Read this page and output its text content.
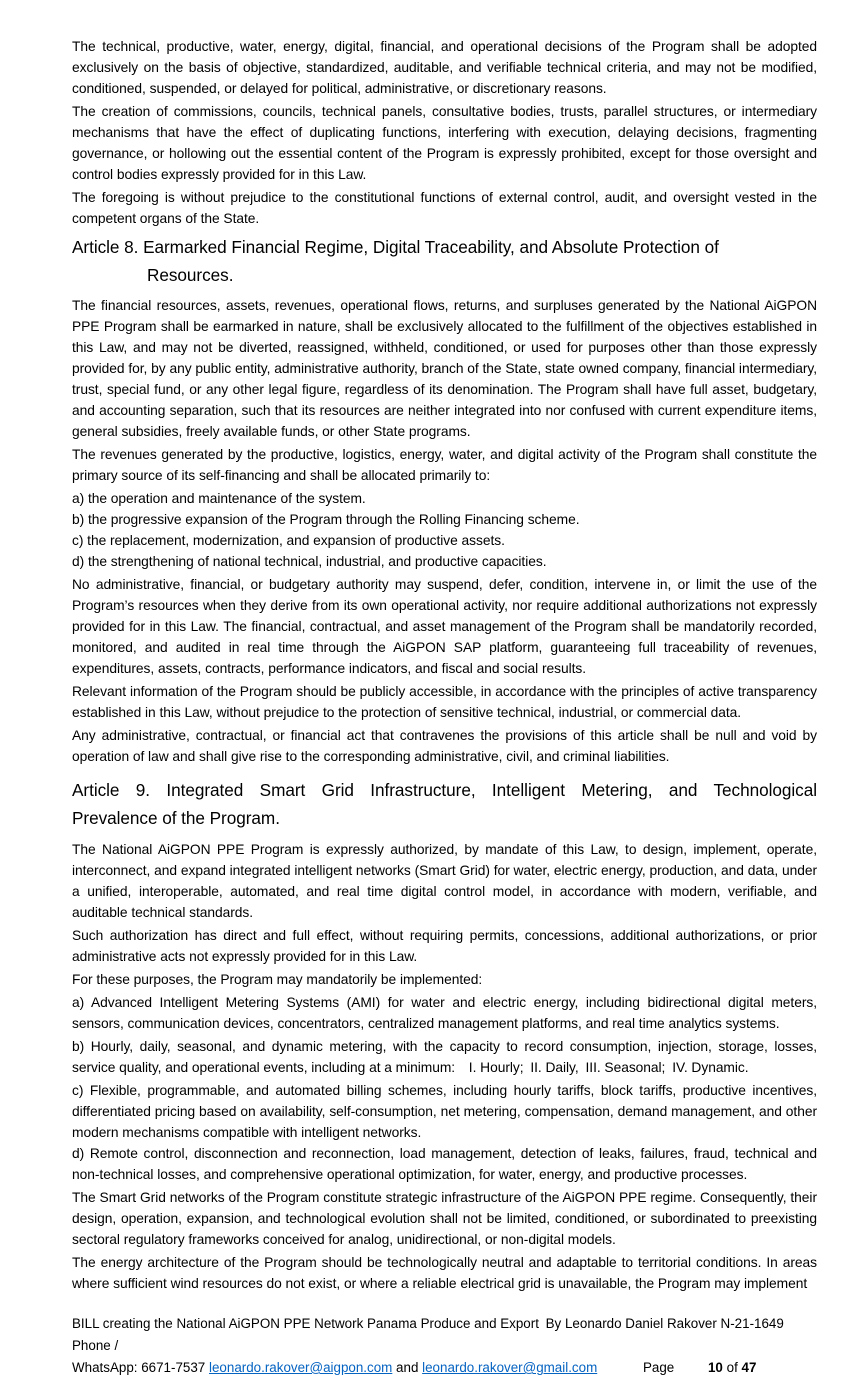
The technical, productive, water, energy, digital, financial, and operational decisions of the Program shall be adopted exclusively on the basis of objective, standardized, auditable, and verifiable technical criteria, and may not be modified, conditioned, suspended, or delayed for political, administrative, or discretionary reasons.

The creation of commissions, councils, technical panels, consultative bodies, trusts, parallel structures, or intermediary mechanisms that have the effect of duplicating functions, interfering with execution, delaying decisions, fragmenting governance, or hollowing out the essential content of the Program is expressly prohibited, except for those oversight and control bodies expressly provided for in this Law.

The foregoing is without prejudice to the constitutional functions of external control, audit, and oversight vested in the competent organs of the State.

Article 8. Earmarked Financial Regime, Digital Traceability, and Absolute Protection of
Resources.

The financial resources, assets, revenues, operational flows, returns, and surpluses generated by the National AiGPON PPE Program shall be earmarked in nature, shall be exclusively allocated to the fulfillment of the objectives established in this Law, and may not be diverted, reassigned, withheld, conditioned, or used for purposes other than those expressly provided for, by any public entity, administrative authority, branch of the State, state owned company, financial intermediary, trust, special fund, or any other legal figure, regardless of its denomination. The Program shall have full asset, budgetary, and accounting separation, such that its resources are neither integrated into nor confused with current expenditure items, general subsidies, freely available funds, or other State programs.

The revenues generated by the productive, logistics, energy, water, and digital activity of the Program shall constitute the primary source of its self-financing and shall be allocated primarily to:

a) the operation and maintenance of the system.

b) the progressive expansion of the Program through the Rolling Financing scheme.

c) the replacement, modernization, and expansion of productive assets.

d) the strengthening of national technical, industrial, and productive capacities.

No administrative, financial, or budgetary authority may suspend, defer, condition, intervene in, or limit the use of the Program’s resources when they derive from its own operational activity, nor require additional authorizations not expressly provided for in this Law. The financial, contractual, and asset management of the Program shall be mandatorily recorded, monitored, and audited in real time through the AiGPON SAP platform, guaranteeing full traceability of revenues, expenditures, assets, contracts, performance indicators, and fiscal and social results.

Relevant information of the Program should be publicly accessible, in accordance with the principles of active transparency established in this Law, without prejudice to the protection of sensitive technical, industrial, or commercial data.

Any administrative, contractual, or financial act that contravenes the provisions of this article shall be null and void by operation of law and shall give rise to the corresponding administrative, civil, and criminal liabilities.

Article 9. Integrated Smart Grid Infrastructure, Intelligent Metering, and Technological
Prevalence of the Program.

The National AiGPON PPE Program is expressly authorized, by mandate of this Law, to design, implement, operate, interconnect, and expand integrated intelligent networks (Smart Grid) for water, electric energy, production, and data, under a unified, interoperable, automated, and real time digital control model, in accordance with modern, verifiable, and auditable technical standards.

Such authorization has direct and full effect, without requiring permits, concessions, additional authorizations, or prior administrative acts not expressly provided for in this Law.

For these purposes, the Program may mandatorily be implemented:

a) Advanced Intelligent Metering Systems (AMI) for water and electric energy, including bidirectional digital meters, sensors, communication devices, concentrators, centralized management platforms, and real time analytics systems.

b) Hourly, daily, seasonal, and dynamic metering, with the capacity to record consumption, injection, storage, losses, service quality, and operational events, including at a minimum: I. Hourly; II. Daily, III. Seasonal; IV. Dynamic.

c) Flexible, programmable, and automated billing schemes, including hourly tariffs, block tariffs, productive incentives, differentiated pricing based on availability, self-consumption, net metering, compensation, demand management, and other modern mechanisms compatible with intelligent networks.

d) Remote control, disconnection and reconnection, load management, detection of leaks, failures, fraud, technical and non-technical losses, and comprehensive operational optimization, for water, energy, and productive processes.

The Smart Grid networks of the Program constitute strategic infrastructure of the AiGPON PPE regime. Consequently, their design, operation, expansion, and technological evolution shall not be limited, conditioned, or subordinated to preexisting sectoral regulatory frameworks conceived for analog, unidirectional, or non-digital models.

The energy architecture of the Program should be technologically neutral and adaptable to territorial conditions. In areas where sufficient wind resources do not exist, or where a reliable electrical grid is unavailable, the Program may implement

BILL creating the National AiGPON PPE Network Panama Produce and Export By Leonardo Daniel Rakover N-21-1649 Phone /
WhatsApp: 6671-7537 leonardo.rakover@aigpon.com and leonardo.rakover@gmail.com	Page	10 of 47
